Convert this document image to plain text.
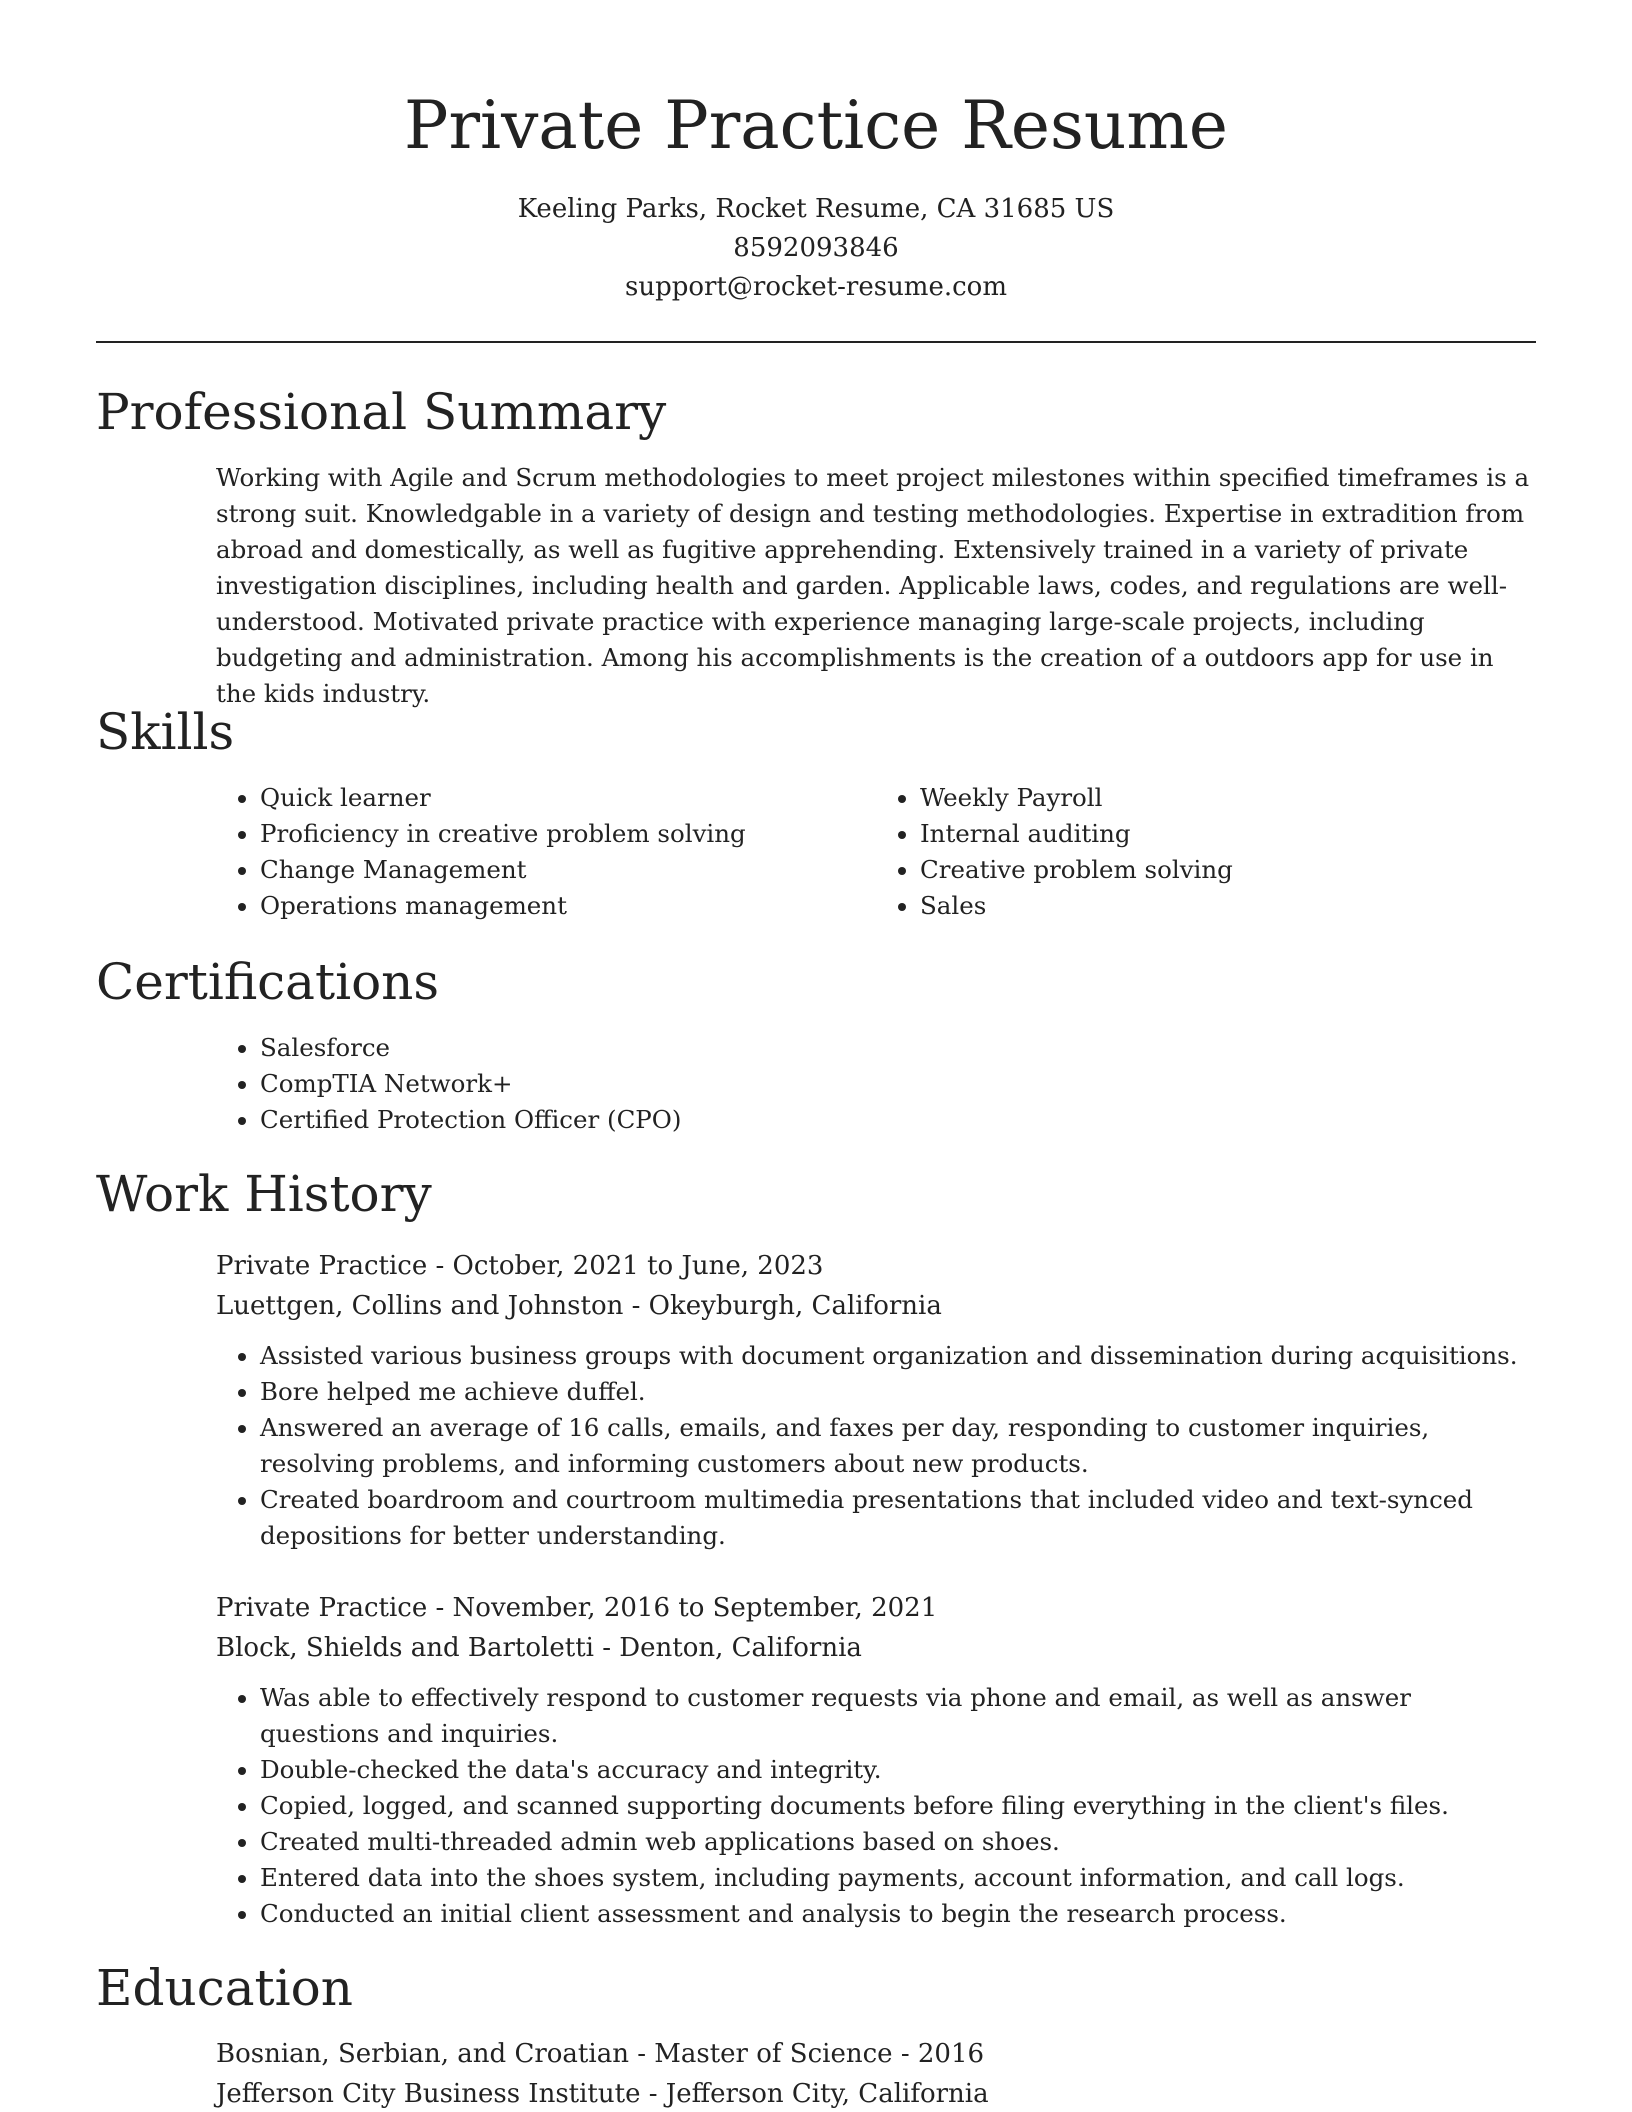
Private Practice Resume
Keeling Parks, Rocket Resume, CA 31685 US
8592093846
support@rocket-resume.com
Professional Summary
Working with Agile and Scrum methodologies to meet project milestones within specified timeframes is a strong suit. Knowledgable in a variety of design and testing methodologies. Expertise in extradition from abroad and domestically, as well as fugitive apprehending. Extensively trained in a variety of private investigation disciplines, including health and garden. Applicable laws, codes, and regulations are well-understood. Motivated private practice with experience managing large-scale projects, including budgeting and administration. Among his accomplishments is the creation of a outdoors app for use in the kids industry.
Skills
• Quick learner
• Proficiency in creative problem solving
• Change Management
• Operations management
• Weekly Payroll
• Internal auditing
• Creative problem solving
• Sales
Certifications
• Salesforce
• CompTIA Network+
• Certified Protection Officer (CPO)
Work History
Private Practice - October, 2021 to June, 2023
Luettgen, Collins and Johnston - Okeyburgh, California
• Assisted various business groups with document organization and dissemination during acquisitions.
• Bore helped me achieve duffel.
• Answered an average of 16 calls, emails, and faxes per day, responding to customer inquiries, resolving problems, and informing customers about new products.
• Created boardroom and courtroom multimedia presentations that included video and text-synced depositions for better understanding.
Private Practice - November, 2016 to September, 2021
Block, Shields and Bartoletti - Denton, California
• Was able to effectively respond to customer requests via phone and email, as well as answer questions and inquiries.
• Double-checked the data's accuracy and integrity.
• Copied, logged, and scanned supporting documents before filing everything in the client's files.
• Created multi-threaded admin web applications based on shoes.
• Entered data into the shoes system, including payments, account information, and call logs.
• Conducted an initial client assessment and analysis to begin the research process.
Education
Bosnian, Serbian, and Croatian - Master of Science - 2016
Jefferson City Business Institute - Jefferson City, California
